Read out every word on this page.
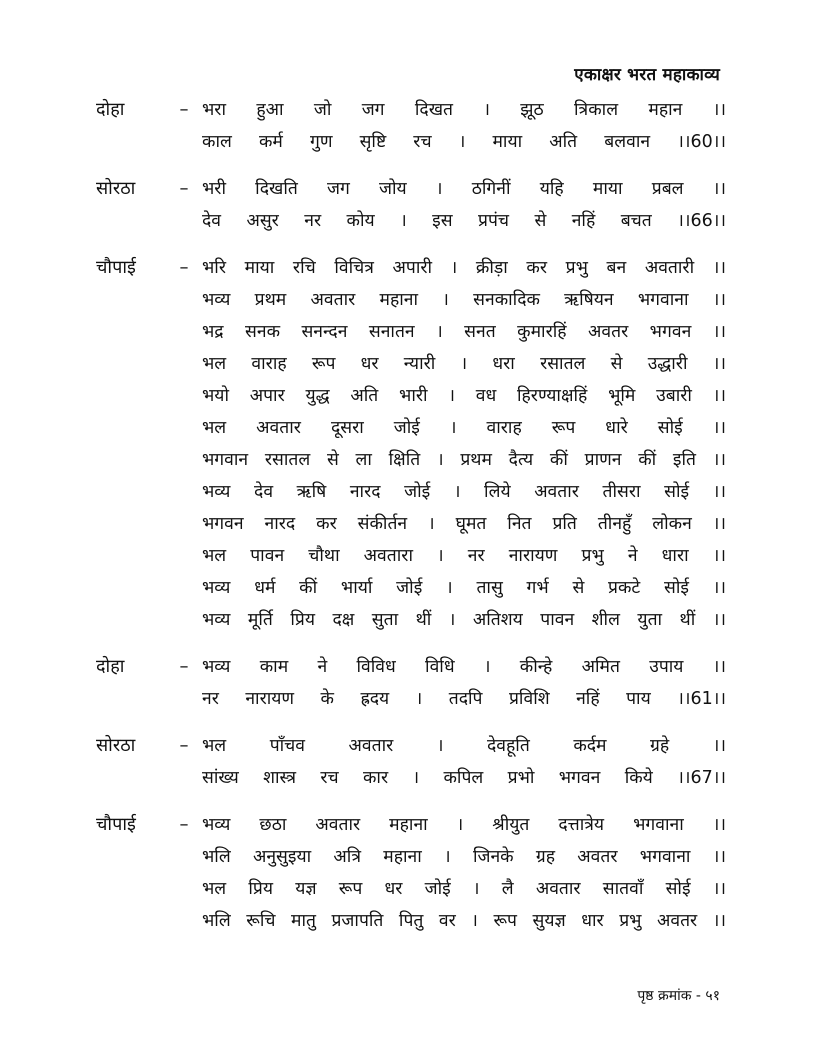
एकाक्षर भरत महाकाव्य
दोहा	– भरा हुआ जो जग दिखत । झूठ त्रिकाल महान ।।
काल कर्म गुण सृष्टि रच । माया अति बलवान ।।60।।
सोरठा	– भरी दिखति जग जोय । ठगिनीं यहि माया प्रबल ।।
देव असुर नर कोय । इस प्रपंच से नहिं बचत ।।66।।
चौपाई	– भरि माया रचि विचित्र अपारी । क्रीड़ा कर प्रभु बन अवतारी ।।
भव्य प्रथम अवतार महाना । सनकादिक ऋषियन भगवाना ।।
भद्र सनक सनन्दन सनातन । सनत कुमारहिं अवतर भगवन ।।
भल वाराह रूप धर न्यारी । धरा रसातल से उद्धारी ।।
भयो अपार युद्ध अति भारी । वध हिरण्याक्षहिं भूमि उबारी ।।
भल अवतार दूसरा जोई । वाराह रूप धारे सोई ।।
भगवान रसातल से ला क्षिति । प्रथम दैत्य कीं प्राणन कीं इति ।।
भव्य देव ऋषि नारद जोई । लिये अवतार तीसरा सोई ।।
भगवन नारद कर संकीर्तन । घूमत नित प्रति तीनहुँ लोकन ।।
भल पावन चौथा अवतारा । नर नारायण प्रभु ने धारा ।।
भव्य धर्म कीं भार्या जोई । तासु गर्भ से प्रकटे सोई ।।
भव्य मूर्ति प्रिय दक्ष सुता थीं । अतिशय पावन शील युता थीं ।।
दोहा	– भव्य काम ने विविध विधि । कीन्हे अमित उपाय ।।
नर नारायण के ह्रदय । तदपि प्रविशि नहिं पाय ।।61।।
सोरठा	– भल पाँचव अवतार । देवहूति कर्दम ग्रहे ।।
सांख्य शास्त्र रच कार । कपिल प्रभो भगवन किये ।।67।।
चौपाई	– भव्य छठा अवतार महाना । श्रीयुत दत्तात्रेय भगवाना ।।
भलि अनुसुइया अत्रि महाना । जिनके ग्रह अवतर भगवाना ।।
भल प्रिय यज्ञ रूप धर जोई । लै अवतार सातवाँ सोई ।।
भलि रूचि मातु प्रजापति पितु वर । रूप सुयज्ञ धार प्रभु अवतर ।।
पृष्ठ क्रमांक - ५१
